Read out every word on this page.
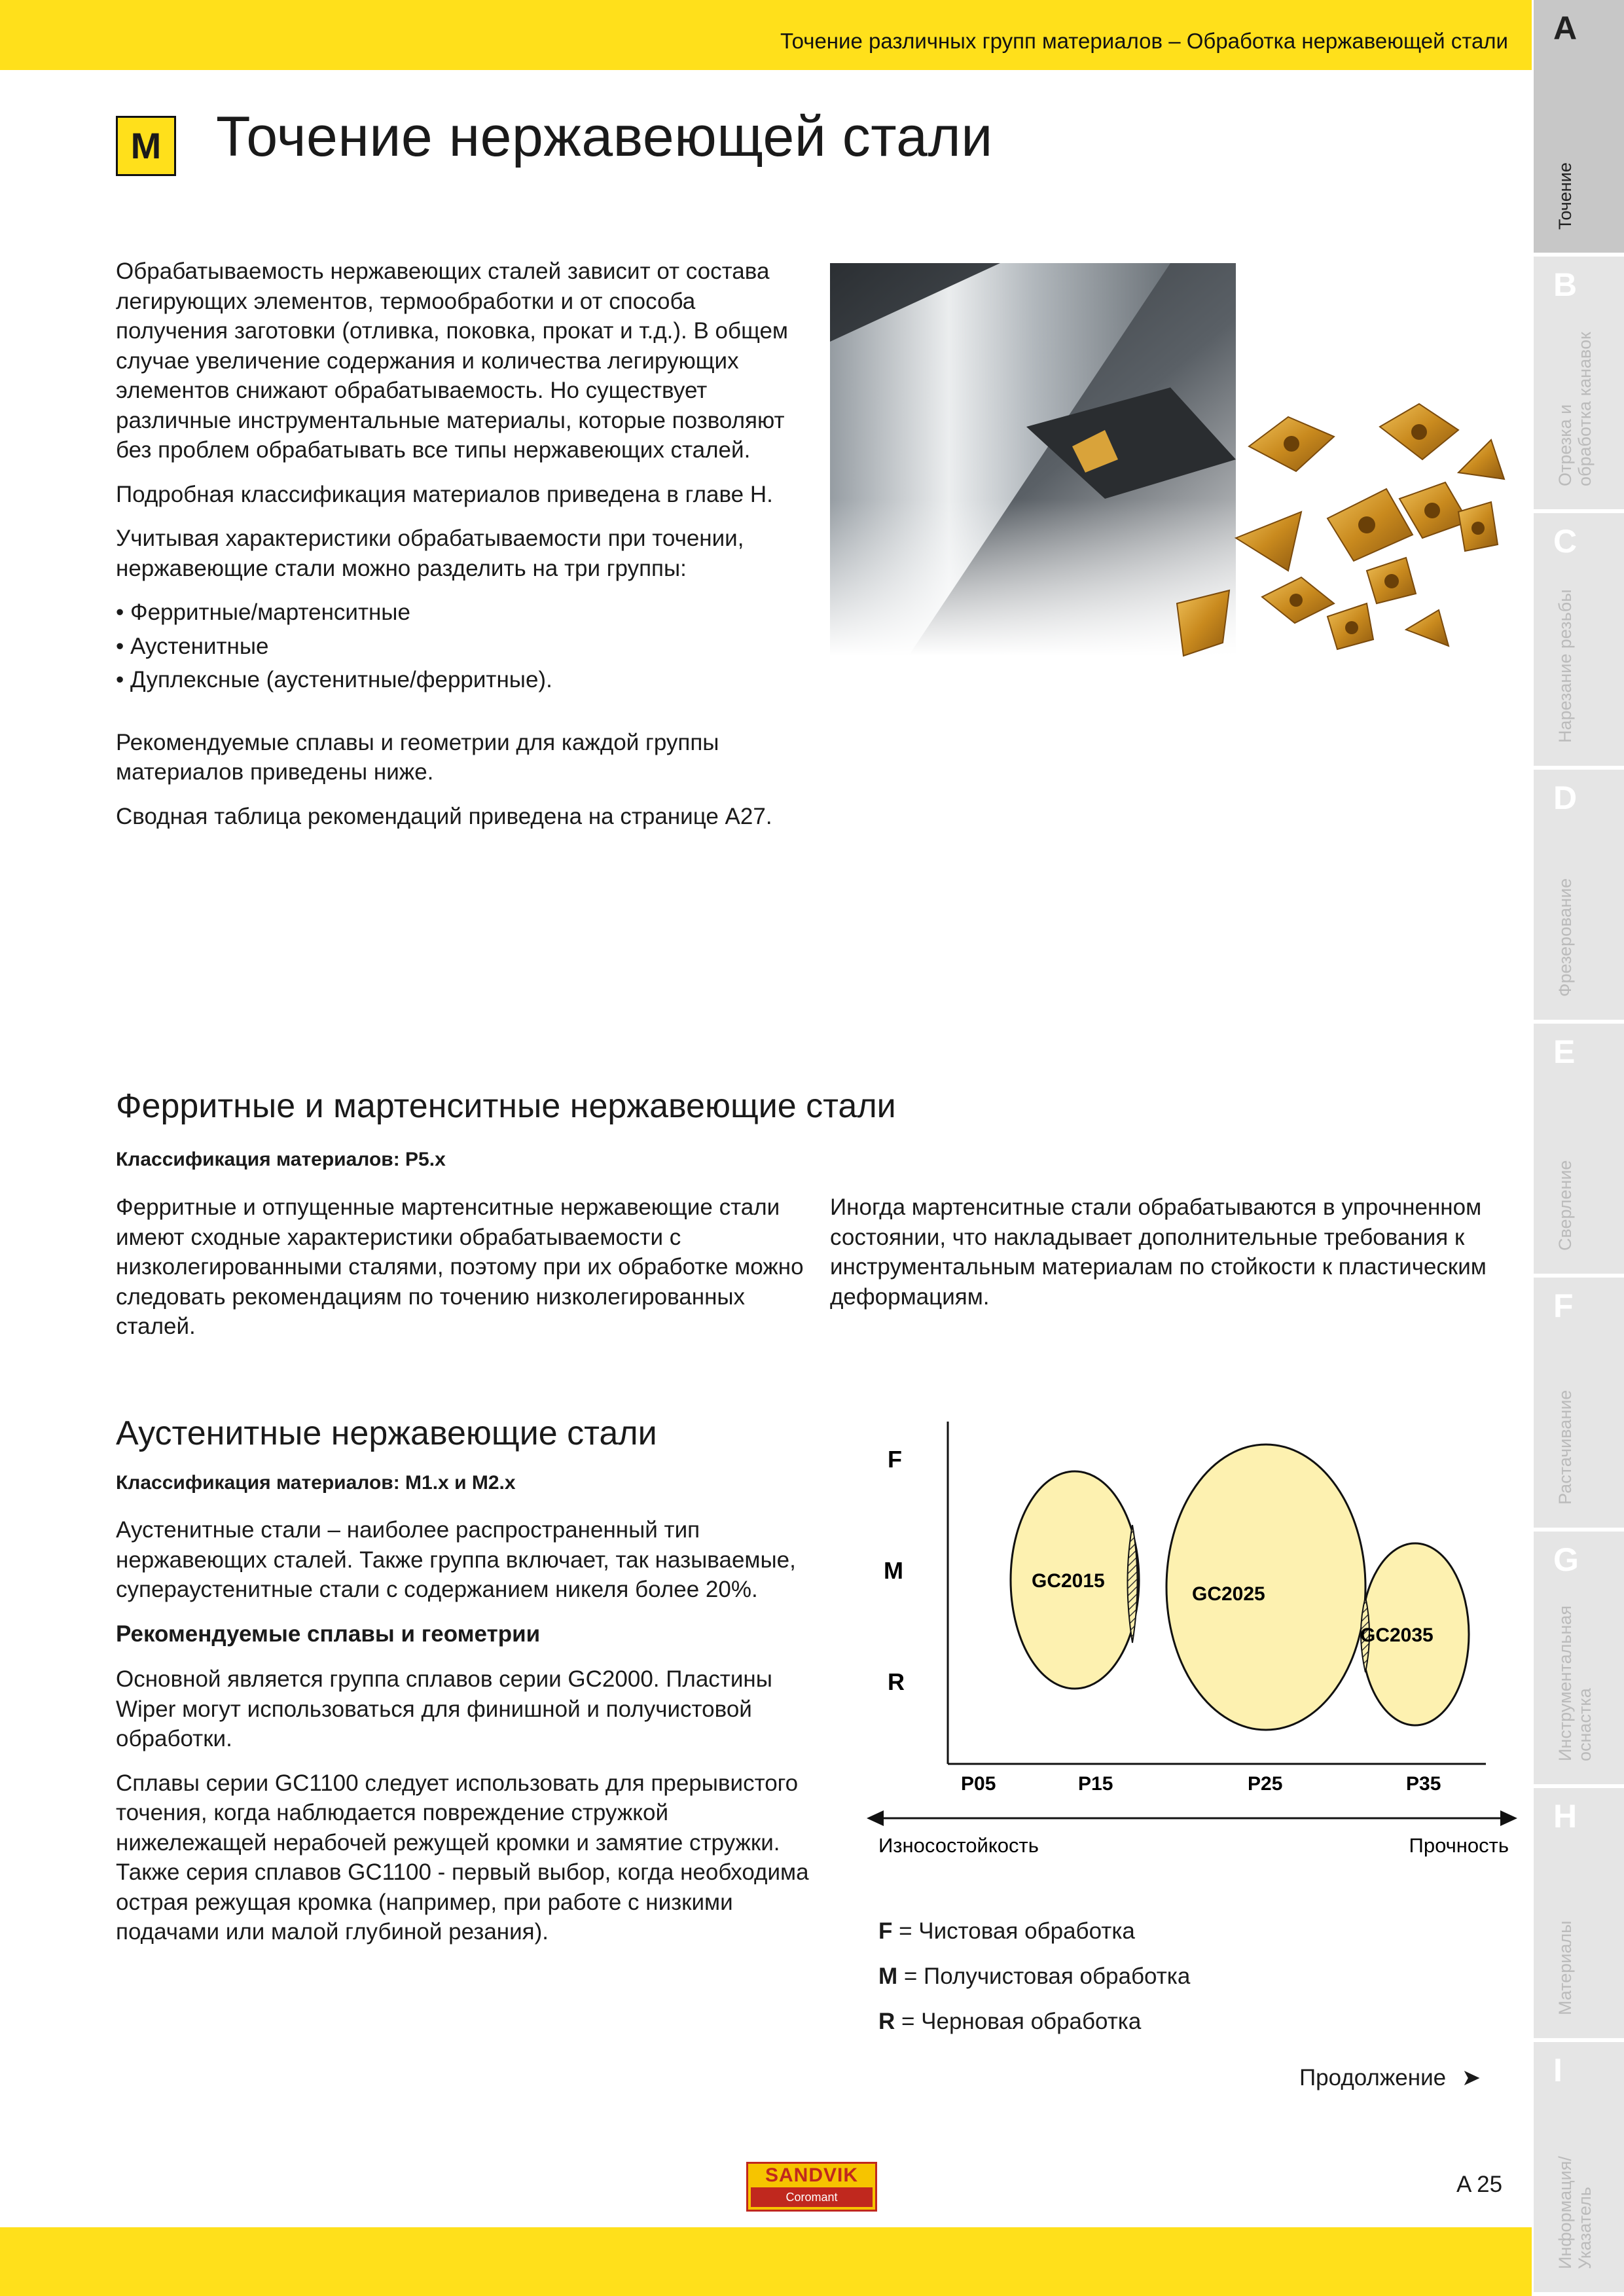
Точение различных групп материалов – Обработка нержавеющей стали
M Точение нержавеющей стали

Обрабатываемость нержавеющих сталей зависит от состава легирующих элементов, термообработки и от способа получения заготовки (отливка, поковка, прокат и т.д.). В общем случае увеличение содержания и количества легирующих элементов снижают обрабатываемость. Но существует различные инструментальные материалы, которые позволяют без проблем обрабатывать все типы нержавеющих сталей.

Подробная классификация материалов приведена в главе H.

Учитывая характеристики обрабатываемости при точении, нержавеющие стали можно разделить на три группы:

• Ферритные/мартенситные
• Аустенитные
• Дуплексные (аустенитные/ферритные).

Рекомендуемые сплавы и геометрии для каждой группы материалов приведены ниже.

Сводная таблица рекомендаций приведена на странице A27.

Ферритные и мартенситные нержавеющие стали
Классификация материалов: P5.x
Ферритные и отпущенные мартенситные нержавеющие стали имеют сходные характеристики обрабатываемости с низколегированными сталями, поэтому при их обработке можно следовать рекомендациям по точению низколегированных сталей.
Иногда мартенситные стали обрабатываются в упрочненном состоянии, что накладывает дополнительные требования к инструментальным материалам по стойкости к пластическим деформациям.
Аустенитные нержавеющие стали
Классификация материалов: M1.x и M2.x

Аустенитные стали – наиболее распространенный тип нержавеющих сталей. Также группа включает, так называемые, суперaустенитные стали с содержанием никеля более 20%.

Рекомендуемые сплавы и геометрии

Основной является группа сплавов серии GC2000. Пластины Wiper могут использоваться для финишной и получистовой обработки.

Сплавы серии GC1100 следует использовать для прерывистого точения, когда наблюдается повреждение стружкой нижележащей нерабочей режущей кромки и замятие стружки. Также серия сплавов GC1100 - первый выбор, когда необходима острая режущая кромка (например, при работе с низкими подачами или малой глубиной резания).

F
M
R
GC2015
GC2025
GC2035
P05	P15	P25	P35
Износостойкость	Прочность
F = Чистовая обработка
M = Получистовая обработка
R = Черновая обработка
Продолжение ➤
SANDVIK
Coromant	A 25
A
Точение
B
Отрезка и обработка канавок
C
Нарезание резьбы
D
Фрезерование
E
Сверление
F
Растачивание
G
Инструментальная оснастка
H
Материалы
I
Информация/ Указатель
